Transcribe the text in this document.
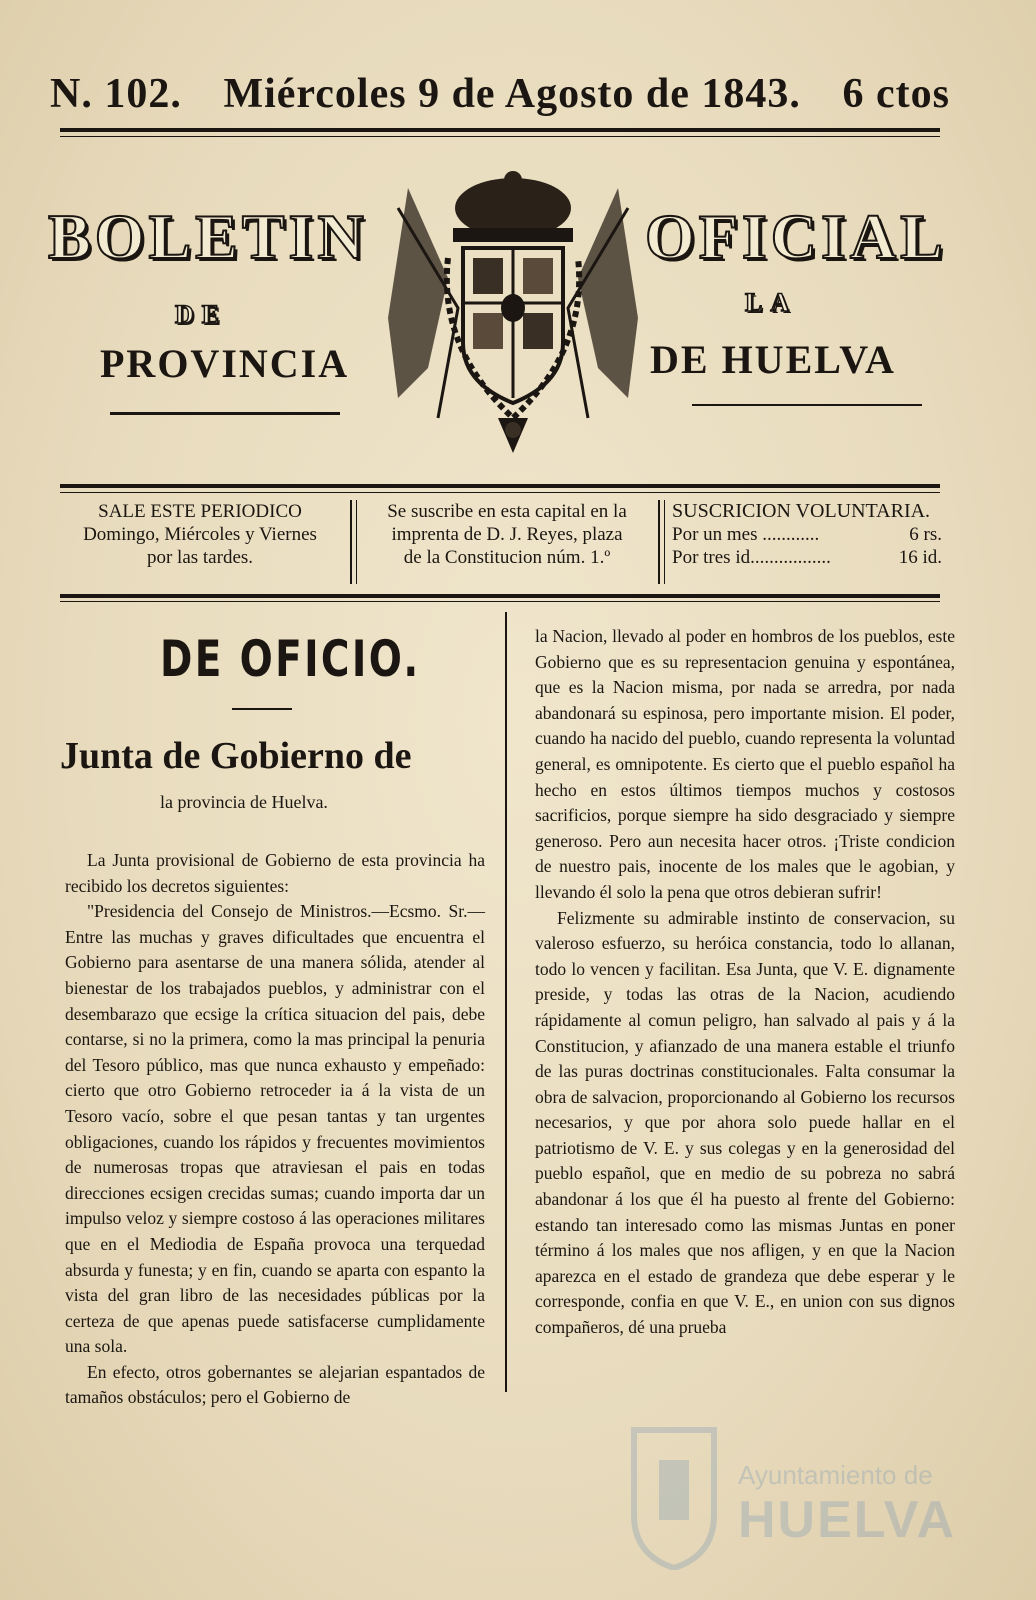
N. 102. Miércoles 9 de Agosto de 1843. 6 ctos
BOLETIN	OFICIAL
DE	LA
PROVINCIA	DE HUELVA
SALE ESTE PERIODICO
Domingo, Miércoles y Viernes
por las tardes.
Se suscribe en esta capital en la
imprenta de D. J. Reyes, plaza
de la Constitucion núm. 1.º
SUSCRICION VOLUNTARIA.
Por un mes ............	6 rs.
Por tres id.................	16 id.
DE OFICIO.
Junta de Gobierno de
la provincia de Huelva.

La Junta provisional de Gobierno de esta provincia ha recibido los decretos siguientes:

"Presidencia del Consejo de Ministros.—Ecsmo. Sr.—Entre las muchas y graves dificultades que encuentra el Gobierno para asentarse de una manera sólida, atender al bienestar de los trabajados pueblos, y administrar con el desembarazo que ecsige la crítica situacion del pais, debe contarse, si no la primera, como la mas principal la penuria del Tesoro público, mas que nunca exhausto y empeñado: cierto que otro Gobierno retroceder ia á la vista de un Tesoro vacío, sobre el que pesan tantas y tan urgentes obligaciones, cuando los rápidos y frecuentes movimientos de numerosas tropas que atraviesan el pais en todas direcciones ecsigen crecidas sumas; cuando importa dar un impulso veloz y siempre costoso á las operaciones militares que en el Mediodia de España provoca una terquedad absurda y funesta; y en fin, cuando se aparta con espanto la vista del gran libro de las necesidades públicas por la certeza de que apenas puede satisfacerse cumplidamente una sola.

En efecto, otros gobernantes se alejarian espantados de tamaños obstáculos; pero el Gobierno de

la Nacion, llevado al poder en hombros de los pueblos, este Gobierno que es su representacion genuina y espontánea, que es la Nacion misma, por nada se arredra, por nada abandonará su espinosa, pero importante mision. El poder, cuando ha nacido del pueblo, cuando representa la voluntad general, es omnipotente. Es cierto que el pueblo español ha hecho en estos últimos tiempos muchos y costosos sacrificios, porque siempre ha sido desgraciado y siempre generoso. Pero aun necesita hacer otros. ¡Triste condicion de nuestro pais, inocente de los males que le agobian, y llevando él solo la pena que otros debieran sufrir!

Felizmente su admirable instinto de conservacion, su valeroso esfuerzo, su heróica constancia, todo lo allanan, todo lo vencen y facilitan. Esa Junta, que V. E. dignamente preside, y todas las otras de la Nacion, acudiendo rápidamente al comun peligro, han salvado al pais y á la Constitucion, y afianzado de una manera estable el triunfo de las puras doctrinas constitucionales. Falta consumar la obra de salvacion, proporcionando al Gobierno los recursos necesarios, y que por ahora solo puede hallar en el patriotismo de V. E. y sus colegas y en la generosidad del pueblo español, que en medio de su pobreza no sabrá abandonar á los que él ha puesto al frente del Gobierno: estando tan interesado como las mismas Juntas en poner término á los males que nos afligen, y en que la Nacion aparezca en el estado de grandeza que debe esperar y le corresponde, confia en que V. E., en union con sus dignos compañeros, dé una prueba

Ayuntamiento de
HUELVA
